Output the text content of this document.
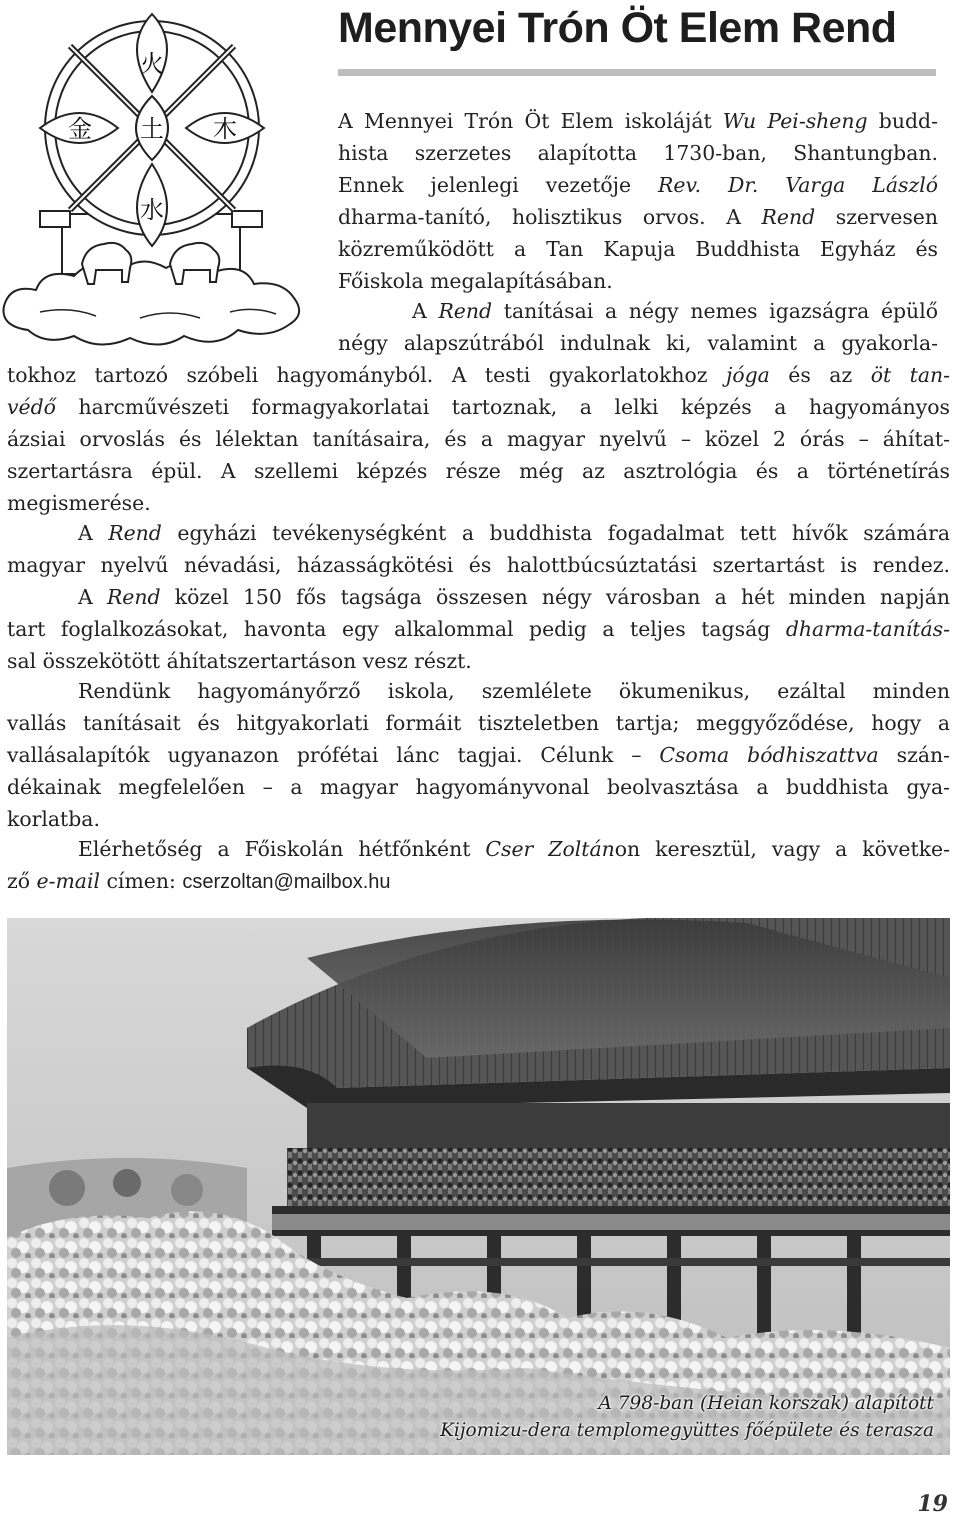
Mennyei Trón Öt Elem Rend
火
金 土 木
水
A Mennyei Trón Öt Elem iskoláját Wu Pei-sheng budd-
hista szerzetes alapította 1730-ban, Shantungban.
Ennek jelenlegi vezetője Rev. Dr. Varga László
dharma-tanító, holisztikus orvos. A Rend szervesen
közreműködött a Tan Kapuja Buddhista Egyház és
Főiskola megalapításában.
A Rend tanításai a négy nemes igazságra épülő
négy alapszútrából indulnak ki, valamint a gyakorla-
tokhoz tartozó szóbeli hagyományból. A testi gyakorlatokhoz jóga és az öt tan-
védő harcművészeti formagyakorlatai tartoznak, a lelki képzés a hagyományos
ázsiai orvoslás és lélektan tanításaira, és a magyar nyelvű – közel 2 órás – áhítat-
szertartásra épül. A szellemi képzés része még az asztrológia és a történetírás
megismerése.
A Rend egyházi tevékenységként a buddhista fogadalmat tett hívők számára
magyar nyelvű névadási, házasságkötési és halottbúcsúztatási szertartást is rendez.
A Rend közel 150 fős tagsága összesen négy városban a hét minden napján
tart foglalkozásokat, havonta egy alkalommal pedig a teljes tagság dharma-tanítás-
sal összekötött áhítatszertartáson vesz részt.
Rendünk hagyományőrző iskola, szemlélete ökumenikus, ezáltal minden
vallás tanításait és hitgyakorlati formáit tiszteletben tartja; meggyőződése, hogy a
vallásalapítók ugyanazon prófétai lánc tagjai. Célunk – Csoma bódhiszattva szán-
dékainak megfelelően – a magyar hagyományvonal beolvasztása a buddhista gya-
korlatba.
Elérhetőség a Főiskolán hétfőnként Cser Zoltánon keresztül, vagy a követke-
ző e-mail címen: cserzoltan@mailbox.hu
A 798-ban (Heian korszak) alapított
Kijomizu-dera templomegyüttes főépülete és terasza
19
